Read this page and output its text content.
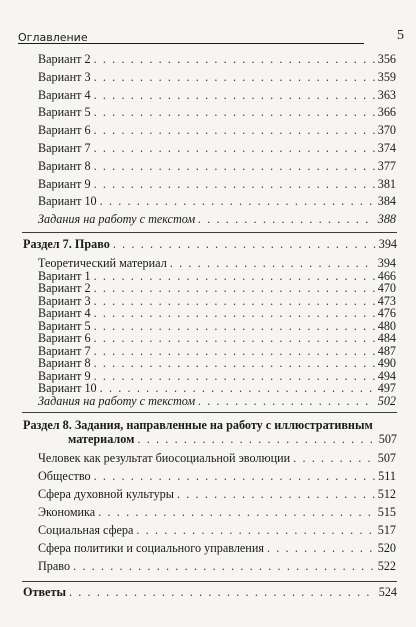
Оглавление	5
Вариант 2 . . .	356
Вариант 3 . . .	359
Вариант 4 . . .	363
Вариант 5 . . .	366
Вариант 6 . . .	370
Вариант 7 . . .	374
Вариант 8 . . .	377
Вариант 9 . . .	381
Вариант 10 . . .	384
Задания на работу с текстом . . .	388
Раздел 7. Право . . .	394
Теоретический материал . . .	394
Вариант 1 . . .	466
Вариант 2 . . .	470
Вариант 3 . . .	473
Вариант 4 . . .	476
Вариант 5 . . .	480
Вариант 6 . . .	484
Вариант 7 . . .	487
Вариант 8 . . .	490
Вариант 9 . . .	494
Вариант 10 . . .	497
Задания на работу с текстом . . .	502
Раздел 8. Задания, направленные на работу с иллюстративным
материалом . . .	507
Человек как результат биосоциальной эволюции . . .	507
Общество . . .	511
Сфера духовной культуры . . .	512
Экономика . . .	515
Социальная сфера . . .	517
Сфера политики и социального управления . . .	520
Право . . .	522
Ответы . . .	524
